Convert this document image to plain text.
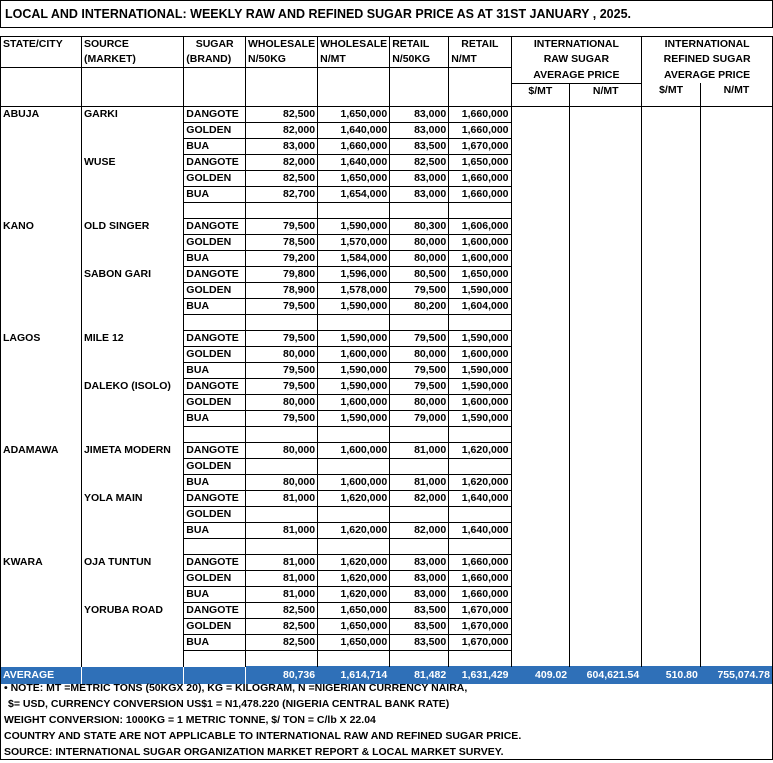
LOCAL AND INTERNATIONAL: WEEKLY RAW AND REFINED SUGAR PRICE AS AT 31ST JANUARY , 2025.
STATE/CITY	SOURCE	SUGAR	WHOLESALE	WHOLESALE	RETAIL	RETAIL	INTERNATIONAL		INTERNATIONAL	
	(MARKET)	(BRAND)	N/50KG	N/MT	N/50KG	N/MT	RAW SUGAR		REFINED SUGAR	
							AVERAGE PRICE		AVERAGE PRICE	
							$/MT	N/MT	$/MT	N/MT

ABUJA	GARKI	DANGOTE	82,500	1,650,000	83,000	1,660,000				
		GOLDEN	82,000	1,640,000	83,000	1,660,000				
		BUA	83,000	1,660,000	83,500	1,670,000				
	WUSE	DANGOTE	82,000	1,640,000	82,500	1,650,000				
		GOLDEN	82,500	1,650,000	83,000	1,660,000				
		BUA	82,700	1,654,000	83,000	1,660,000				

KANO	OLD SINGER	DANGOTE	79,500	1,590,000	80,300	1,606,000				
		GOLDEN	78,500	1,570,000	80,000	1,600,000				
		BUA	79,200	1,584,000	80,000	1,600,000				
	SABON GARI	DANGOTE	79,800	1,596,000	80,500	1,650,000				
		GOLDEN	78,900	1,578,000	79,500	1,590,000				
		BUA	79,500	1,590,000	80,200	1,604,000				

LAGOS	MILE 12	DANGOTE	79,500	1,590,000	79,500	1,590,000				
		GOLDEN	80,000	1,600,000	80,000	1,600,000				
		BUA	79,500	1,590,000	79,500	1,590,000				
	DALEKO (ISOLO)	DANGOTE	79,500	1,590,000	79,500	1,590,000				
		GOLDEN	80,000	1,600,000	80,000	1,600,000				
		BUA	79,500	1,590,000	79,000	1,590,000				

ADAMAWA	JIMETA MODERN	DANGOTE	80,000	1,600,000	81,000	1,620,000				
		GOLDEN								
		BUA	80,000	1,600,000	81,000	1,620,000				
	YOLA MAIN	DANGOTE	81,000	1,620,000	82,000	1,640,000				
		GOLDEN								
		BUA	81,000	1,620,000	82,000	1,640,000				

KWARA	OJA TUNTUN	DANGOTE	81,000	1,620,000	83,000	1,660,000				
		GOLDEN	81,000	1,620,000	83,000	1,660,000				
		BUA	81,000	1,620,000	83,000	1,660,000				
	YORUBA ROAD	DANGOTE	82,500	1,650,000	83,500	1,670,000				
		GOLDEN	82,500	1,650,000	83,500	1,670,000				
		BUA	82,500	1,650,000	83,500	1,670,000				

AVERAGE			80,736	1,614,714	81,482	1,631,429	409.02	604,621.54	510.80	755,074.78
• NOTE: MT =METRIC TONS (50KGX 20), KG = KILOGRAM, N =NIGERIAN CURRENCY NAIRA,
$= USD, CURRENCY CONVERSION US$1 = N1,478.220 (NIGERIA CENTRAL BANK RATE)
WEIGHT CONVERSION: 1000KG = 1 METRIC TONNE, $/ TON = C/lb X 22.04
COUNTRY AND STATE ARE NOT APPLICABLE TO INTERNATIONAL RAW AND REFINED SUGAR PRICE.
SOURCE: INTERNATIONAL SUGAR ORGANIZATION MARKET REPORT & LOCAL MARKET SURVEY.
